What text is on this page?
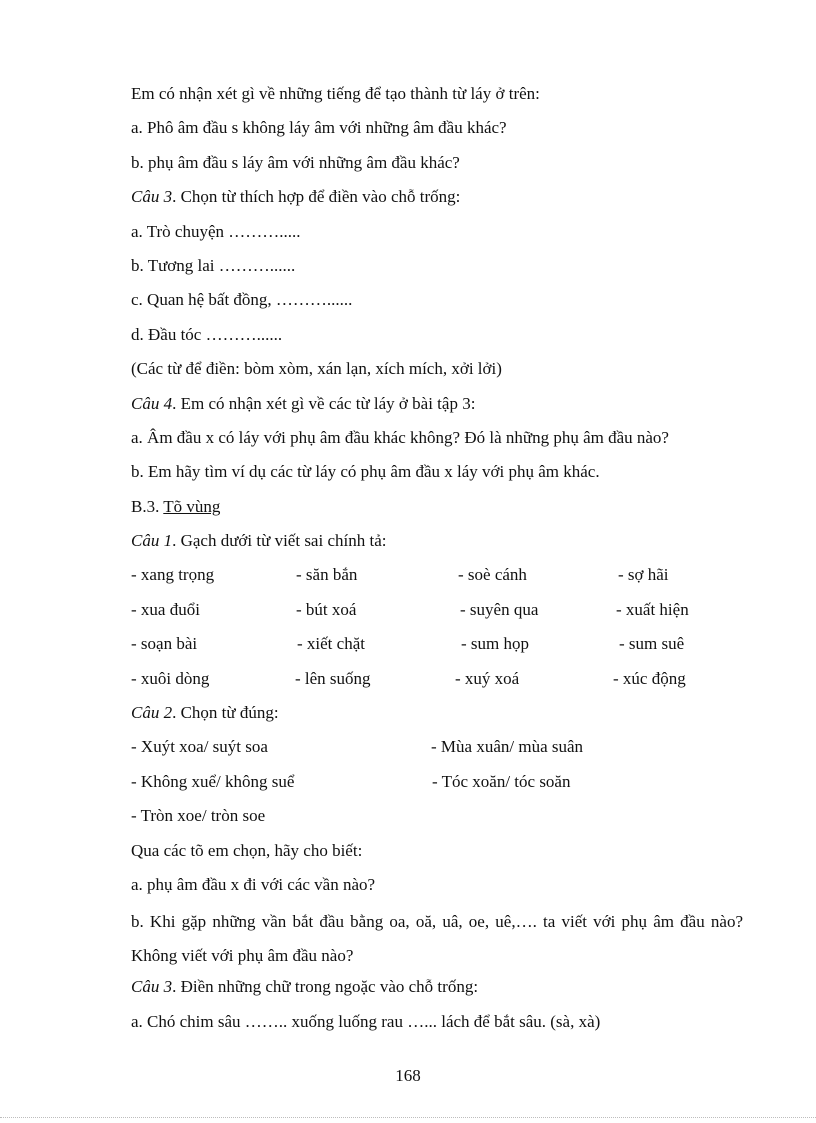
Em có nhận xét gì về những tiếng để tạo thành từ láy ở trên:
a. Phô âm đầu s không láy âm với những âm đầu khác?
b. phụ âm đầu s láy âm với những âm đầu khác?
Câu 3. Chọn từ thích hợp để điền vào chỗ trống:
a. Trò chuyện ……….....
b. Tương lai ………......
c. Quan hệ bất đồng, ………......
d. Đầu tóc ………......
(Các từ để điền: bòm xòm, xán lạn, xích mích, xởi lởi)
Câu 4. Em có nhận xét gì về các từ láy ở bài tập 3:
a. Âm đầu x có láy với phụ âm đầu khác không? Đó là những phụ âm đầu nào?
b. Em hãy tìm ví dụ các từ láy có phụ âm đầu x láy với phụ âm khác.
B.3. Tõ vùng
Câu 1. Gạch dưới từ viết sai chính tả:
- xang trọng	- săn bắn	- soè cánh	- sợ hãi
- xua đuổi	- bút xoá	- suyên qua	- xuất hiện
- soạn bài	- xiết chặt	- sum họp	- sum suê
- xuôi dòng	- lên suống	- xuý xoá	- xúc động
Câu 2. Chọn từ đúng:
- Xuýt xoa/ suýt soa	- Mùa xuân/ mùa suân
- Không xuể/ không suể	- Tóc xoăn/ tóc soăn
- Tròn xoe/ tròn soe
Qua các tõ em chọn, hãy cho biết:
a. phụ âm đầu x đi với các vần nào?
b. Khi gặp những vần bắt đầu bằng oa, oă, uâ, oe, uê,…. ta viết với phụ âm đầu nào? Không viết với phụ âm đầu nào?
Câu 3. Điền những chữ trong ngoặc vào chỗ trống:
a. Chó chim sâu …….. xuống luống rau …... lách để bắt sâu. (sà, xà)
168
